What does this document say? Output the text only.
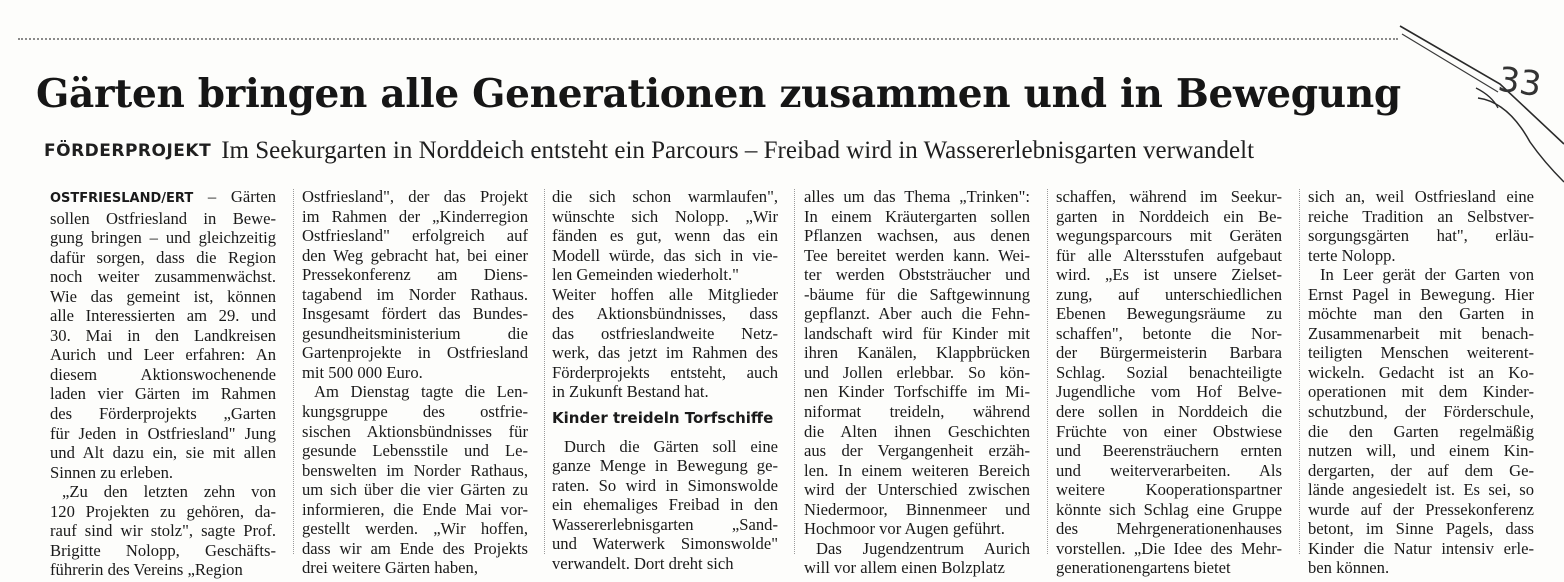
Gärten bringen alle Generationen zusammen und in Bewegung
FÖRDERPROJEKT Im Seekurgarten in Norddeich entsteht ein Parcours – Freibad wird in Wassererlebnisgarten verwandelt
33
OSTFRIESLAND/ERT – Gärten
sollen Ostfriesland in Bewe-
gung bringen – und gleichzeitig
dafür sorgen, dass die Region
noch weiter zusammenwächst.
Wie das gemeint ist, können
alle Interessierten am 29. und
30. Mai in den Landkreisen
Aurich und Leer erfahren: An
diesem Aktionswochenende
laden vier Gärten im Rahmen
des Förderprojekts „Garten
für Jeden in Ostfriesland" Jung
und Alt dazu ein, sie mit allen
Sinnen zu erleben.
„Zu den letzten zehn von
120 Projekten zu gehören, da-
rauf sind wir stolz", sagte Prof.
Brigitte Nolopp, Geschäfts-
führerin des Vereins „Region
Ostfriesland", der das Projekt
im Rahmen der „Kinderregion
Ostfriesland" erfolgreich auf
den Weg gebracht hat, bei einer
Pressekonferenz am Diens-
tagabend im Norder Rathaus.
Insgesamt fördert das Bundes-
gesundheitsministerium die
Gartenprojekte in Ostfriesland
mit 500 000 Euro.
Am Dienstag tagte die Len-
kungsgruppe des ostfrie-
sischen Aktionsbündnisses für
gesunde Lebensstile und Le-
benswelten im Norder Rathaus,
um sich über die vier Gärten zu
informieren, die Ende Mai vor-
gestellt werden. „Wir hoffen,
dass wir am Ende des Projekts
drei weitere Gärten haben,
die sich schon warmlaufen",
wünschte sich Nolopp. „Wir
fänden es gut, wenn das ein
Modell würde, das sich in vie-
len Gemeinden wiederholt."
Weiter hoffen alle Mitglieder
des Aktionsbündnisses, dass
das ostfrieslandweite Netz-
werk, das jetzt im Rahmen des
Förderprojekts entsteht, auch
in Zukunft Bestand hat.
Kinder treideln Torfschiffe
Durch die Gärten soll eine
ganze Menge in Bewegung ge-
raten. So wird in Simonswolde
ein ehemaliges Freibad in den
Wassererlebnisgarten „Sand-
und Waterwerk Simonswolde"
verwandelt. Dort dreht sich
alles um das Thema „Trinken":
In einem Kräutergarten sollen
Pflanzen wachsen, aus denen
Tee bereitet werden kann. Wei-
ter werden Obststräucher und
-bäume für die Saftgewinnung
gepflanzt. Aber auch die Fehn-
landschaft wird für Kinder mit
ihren Kanälen, Klappbrücken
und Jollen erlebbar. So kön-
nen Kinder Torfschiffe im Mi-
niformat treideln, während
die Alten ihnen Geschichten
aus der Vergangenheit erzäh-
len. In einem weiteren Bereich
wird der Unterschied zwischen
Niedermoor, Binnenmeer und
Hochmoor vor Augen geführt.
Das Jugendzentrum Aurich
will vor allem einen Bolzplatz
schaffen, während im Seekur-
garten in Norddeich ein Be-
wegungsparcours mit Geräten
für alle Altersstufen aufgebaut
wird. „Es ist unsere Zielset-
zung, auf unterschiedlichen
Ebenen Bewegungsräume zu
schaffen", betonte die Nor-
der Bürgermeisterin Barbara
Schlag. Sozial benachteiligte
Jugendliche vom Hof Belve-
dere sollen in Norddeich die
Früchte von einer Obstwiese
und Beerensträuchern ernten
und weiterverarbeiten. Als
weitere Kooperationspartner
könnte sich Schlag eine Gruppe
des Mehrgenerationenhauses
vorstellen. „Die Idee des Mehr-
generationengartens bietet
sich an, weil Ostfriesland eine
reiche Tradition an Selbstver-
sorgungsgärten hat", erläu-
terte Nolopp.
In Leer gerät der Garten von
Ernst Pagel in Bewegung. Hier
möchte man den Garten in
Zusammenarbeit mit benach-
teiligten Menschen weiterent-
wickeln. Gedacht ist an Ko-
operationen mit dem Kinder-
schutzbund, der Förderschule,
die den Garten regelmäßig
nutzen will, und einem Kin-
dergarten, der auf dem Ge-
lände angesiedelt ist. Es sei, so
wurde auf der Pressekonferenz
betont, im Sinne Pagels, dass
Kinder die Natur intensiv erle-
ben können.
